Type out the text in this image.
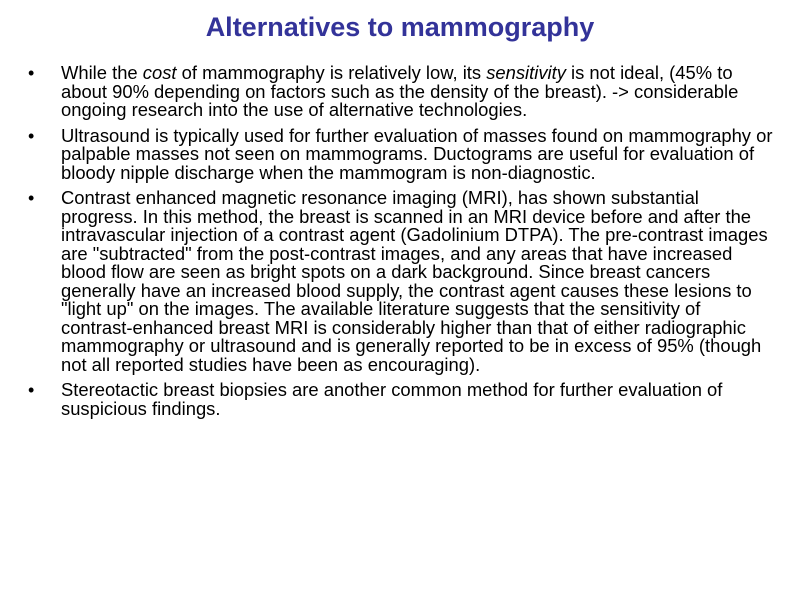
Alternatives to mammography
• While the cost of mammography is relatively low, its sensitivity is not ideal, (45% to about 90% depending on factors such as the density of the breast). -> considerable ongoing research into the use of alternative technologies.
• Ultrasound is typically used for further evaluation of masses found on mammography or palpable masses not seen on mammograms. Ductograms are useful for evaluation of bloody nipple discharge when the mammogram is non-diagnostic.
• Contrast enhanced magnetic resonance imaging (MRI), has shown substantial progress. In this method, the breast is scanned in an MRI device before and after the intravascular injection of a contrast agent (Gadolinium DTPA). The pre-contrast images are "subtracted" from the post-contrast images, and any areas that have increased blood flow are seen as bright spots on a dark background. Since breast cancers generally have an increased blood supply, the contrast agent causes these lesions to "light up" on the images. The available literature suggests that the sensitivity of contrast-enhanced breast MRI is considerably higher than that of either radiographic mammography or ultrasound and is generally reported to be in excess of 95% (though not all reported studies have been as encouraging).
• Stereotactic breast biopsies are another common method for further evaluation of suspicious findings.
